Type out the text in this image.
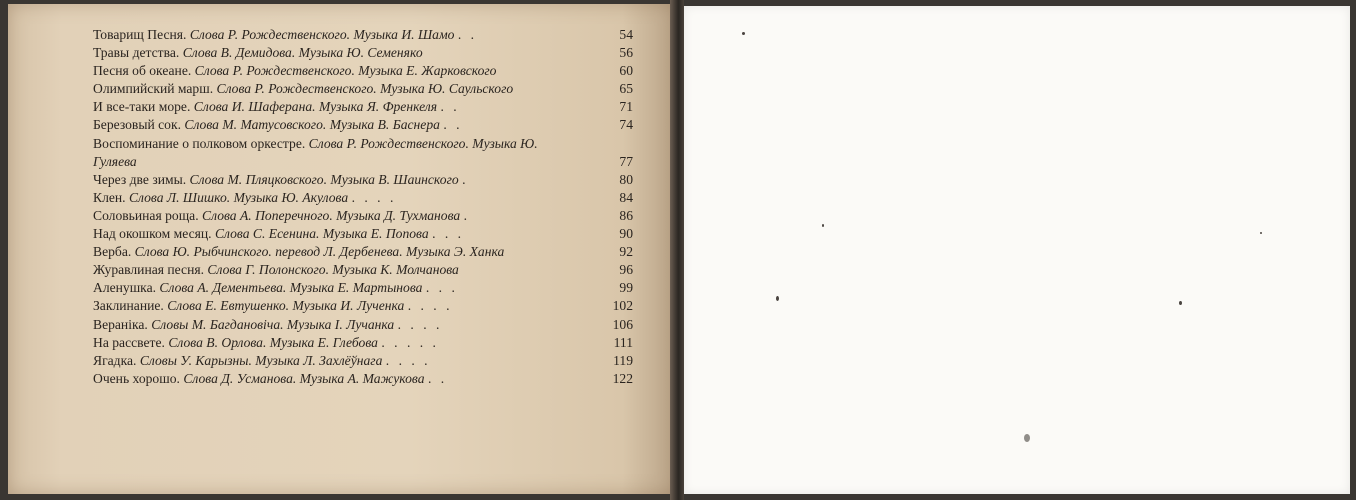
Товарищ Песня. Слова Р. Рождественского. Музыка И. Шамо . .	54
Травы детства. Слова В. Демидова. Музыка Ю. Семеняко	56
Песня об океане. Слова Р. Рождественского. Музыка Е. Жарковского	60
Олимпийский марш. Слова Р. Рождественского. Музыка Ю. Саульского	65
И все-таки море. Слова И. Шаферана. Музыка Я. Френкеля . .	71
Березовый сок. Слова М. Матусовского. Музыка В. Баснера . .	74
Воспоминание о полковом оркестре. Слова Р. Рождественского. Музыка Ю. Гуляева	77
Через две зимы. Слова М. Пляцковского. Музыка В. Шаинского .	80
Клен. Слова Л. Шишко. Музыка Ю. Акулова . . . .	84
Соловьиная роща. Слова А. Поперечного. Музыка Д. Тухманова .	86
Над окошком месяц. Слова С. Есенина. Музыка Е. Попова . . .	90
Верба. Слова Ю. Рыбчинского. перевод Л. Дербенева. Музыка Э. Ханка	92
Журавлиная песня. Слова Г. Полонского. Музыка К. Молчанова	96
Аленушка. Слова А. Дементьева. Музыка Е. Мартынова . . .	99
Заклинание. Слова Е. Евтушенко. Музыка И. Лученка . . . .	102
Вераніка. Словы М. Багдановіча. Музыка І. Лучанка . . . .	106
На рассвете. Слова В. Орлова. Музыка Е. Глебова . . . . .	111
Ягадка. Словы У. Карызны. Музыка Л. Захлёўнага . . . .	119
Очень хорошо. Слова Д. Усманова. Музыка А. Мажукова . .	122
